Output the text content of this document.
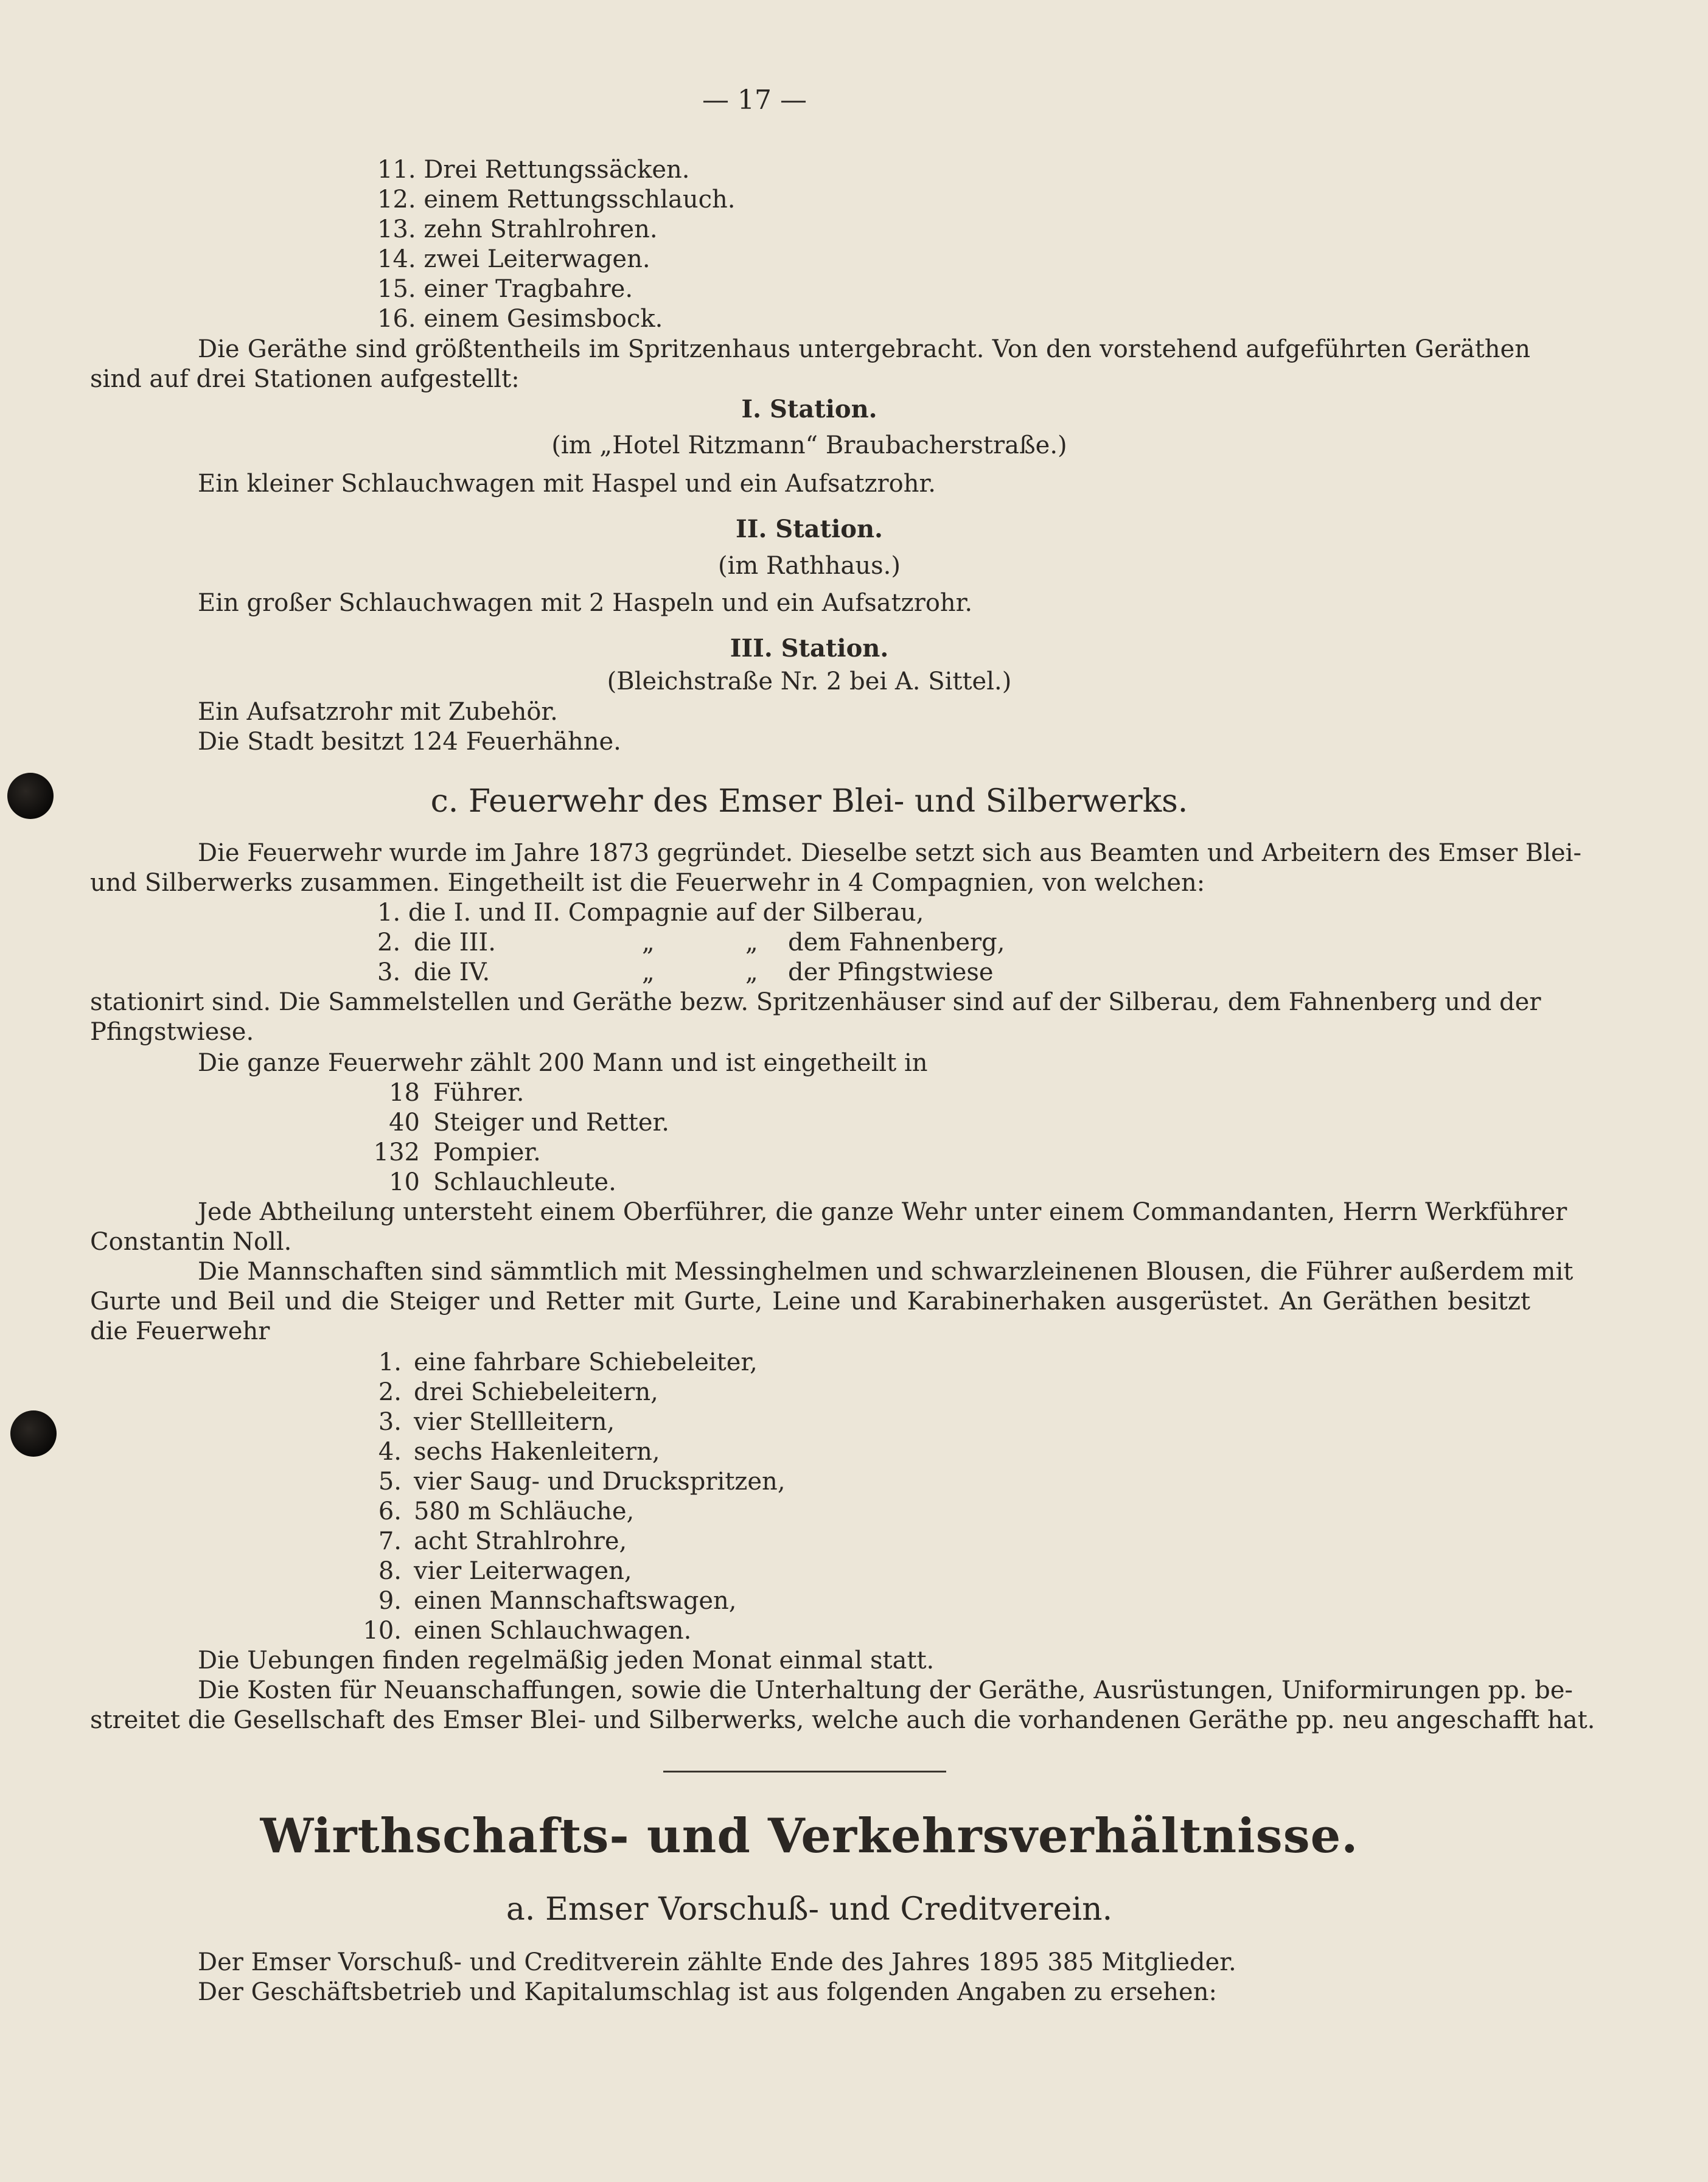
— 17 —
11. Drei Rettungssäcken.
12. einem Rettungsschlauch.
13. zehn Strahlrohren.
14. zwei Leiterwagen.
15. einer Tragbahre.
16. einem Gesimsbock.
Die Geräthe sind größtentheils im Spritzenhaus untergebracht. Von den vorstehend aufgeführten Geräthen
sind auf drei Stationen aufgestellt:
I. Station.
(im „Hotel Ritzmann“ Braubacherstraße.)
Ein kleiner Schlauchwagen mit Haspel und ein Aufsatzrohr.
II. Station.
(im Rathhaus.)
Ein großer Schlauchwagen mit 2 Haspeln und ein Aufsatzrohr.
III. Station.
(Bleichstraße Nr. 2 bei A. Sittel.)
Ein Aufsatzrohr mit Zubehör.
Die Stadt besitzt 124 Feuerhähne.
c. Feuerwehr des Emser Blei- und Silberwerks.
Die Feuerwehr wurde im Jahre 1873 gegründet. Dieselbe setzt sich aus Beamten und Arbeitern des Emser Blei-
und Silberwerks zusammen. Eingetheilt ist die Feuerwehr in 4 Compagnien, von welchen:
1. die I. und II. Compagnie auf der Silberau,
2. die III.	„	„ dem Fahnenberg,
3. die IV.	„	„ der Pfingstwiese
stationirt sind. Die Sammelstellen und Geräthe bezw. Spritzenhäuser sind auf der Silberau, dem Fahnenberg und der
Pfingstwiese.
Die ganze Feuerwehr zählt 200 Mann und ist eingetheilt in
18 Führer.
40 Steiger und Retter.
132 Pompier.
10 Schlauchleute.
Jede Abtheilung untersteht einem Oberführer, die ganze Wehr unter einem Commandanten, Herrn Werkführer
Constantin Noll.
Die Mannschaften sind sämmtlich mit Messinghelmen und schwarzleinenen Blousen, die Führer außerdem mit
Gurte und Beil und die Steiger und Retter mit Gurte, Leine und Karabinerhaken ausgerüstet. An Geräthen besitzt
die Feuerwehr
1. eine fahrbare Schiebeleiter,
2. drei Schiebeleitern,
3. vier Stellleitern,
4. sechs Hakenleitern,
5. vier Saug- und Druckspritzen,
6. 580 m Schläuche,
7. acht Strahlrohre,
8. vier Leiterwagen,
9. einen Mannschaftswagen,
10. einen Schlauchwagen.
Die Uebungen finden regelmäßig jeden Monat einmal statt.
Die Kosten für Neuanschaffungen, sowie die Unterhaltung der Geräthe, Ausrüstungen, Uniformirungen pp. be-
streitet die Gesellschaft des Emser Blei- und Silberwerks, welche auch die vorhandenen Geräthe pp. neu angeschafft hat.
Wirthschafts- und Verkehrsverhältnisse.
a. Emser Vorschuß- und Creditverein.
Der Emser Vorschuß- und Creditverein zählte Ende des Jahres 1895 385 Mitglieder.
Der Geschäftsbetrieb und Kapitalumschlag ist aus folgenden Angaben zu ersehen:
